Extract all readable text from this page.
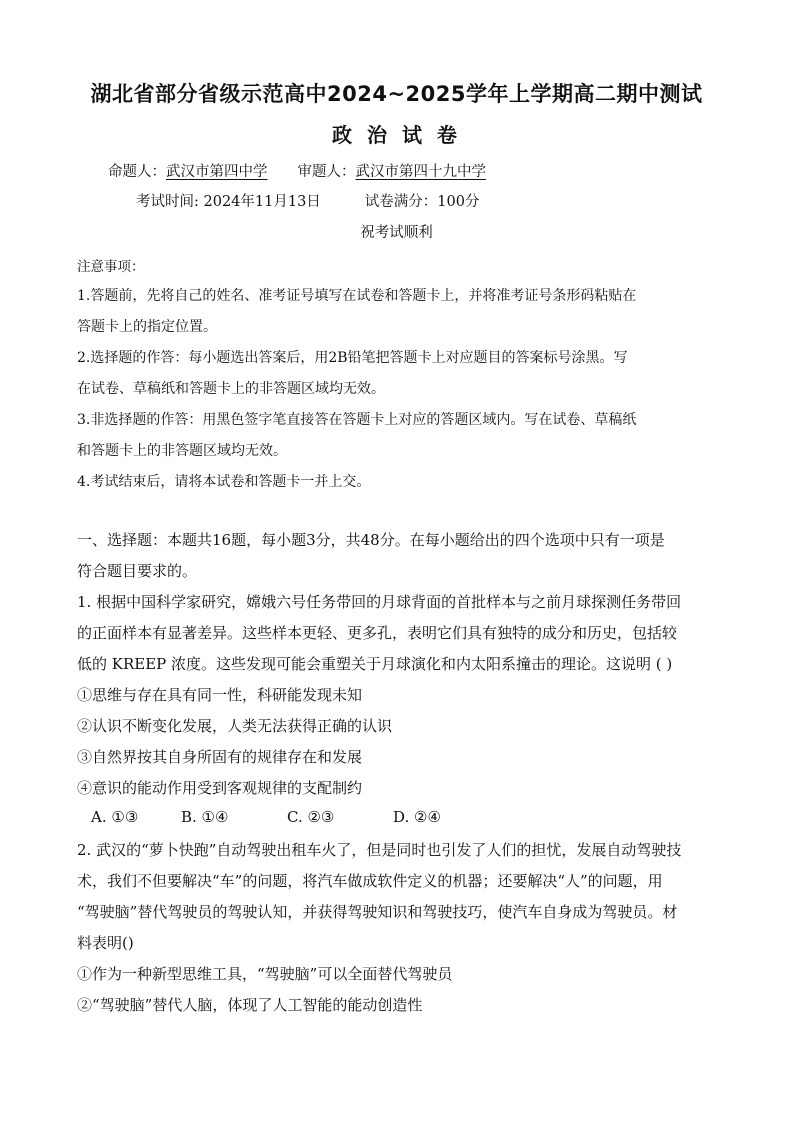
湖北省部分省级示范高中2024~2025学年上学期高二期中测试
政 治 试 卷
命题人：武汉市第四中学 审题人：武汉市第四十九中学
考试时间: 2024年11月13日	试卷满分：100分
祝考试顺利
注意事项：
1.答题前，先将自己的姓名、准考证号填写在试卷和答题卡上，并将准考证号条形码粘贴在
答题卡上的指定位置。
2.选择题的作答：每小题选出答案后，用2B铅笔把答题卡上对应题目的答案标号涂黑。写
在试卷、草稿纸和答题卡上的非答题区域均无效。
3.非选择题的作答：用黑色签字笔直接答在答题卡上对应的答题区域内。写在试卷、草稿纸
和答题卡上的非答题区域均无效。
4.考试结束后，请将本试卷和答题卡一并上交。
一、选择题：本题共16题，每小题3分，共48分。在每小题给出的四个选项中只有一项是
符合题目要求的。
1. 根据中国科学家研究，嫦娥六号任务带回的月球背面的首批样本与之前月球探测任务带回
的正面样本有显著差异。这些样本更轻、更多孔，表明它们具有独特的成分和历史，包括较
低的 KREEP 浓度。这些发现可能会重塑关于月球演化和内太阳系撞击的理论。这说明 ( )
①思维与存在具有同一性，科研能发现未知
②认识不断变化发展，人类无法获得正确的认识
③自然界按其自身所固有的规律存在和发展
④意识的能动作用受到客观规律的支配制约
A. ①③	B. ①④	C. ②③	D. ②④
2. 武汉的“萝卜快跑”自动驾驶出租车火了，但是同时也引发了人们的担忧，发展自动驾驶技
术，我们不但要解决“车”的问题，将汽车做成软件定义的机器；还要解决“人”的问题，用
“驾驶脑”替代驾驶员的驾驶认知，并获得驾驶知识和驾驶技巧，使汽车自身成为驾驶员。材
料表明()
①作为一种新型思维工具，“驾驶脑”可以全面替代驾驶员
②“驾驶脑”替代人脑，体现了人工智能的能动创造性
